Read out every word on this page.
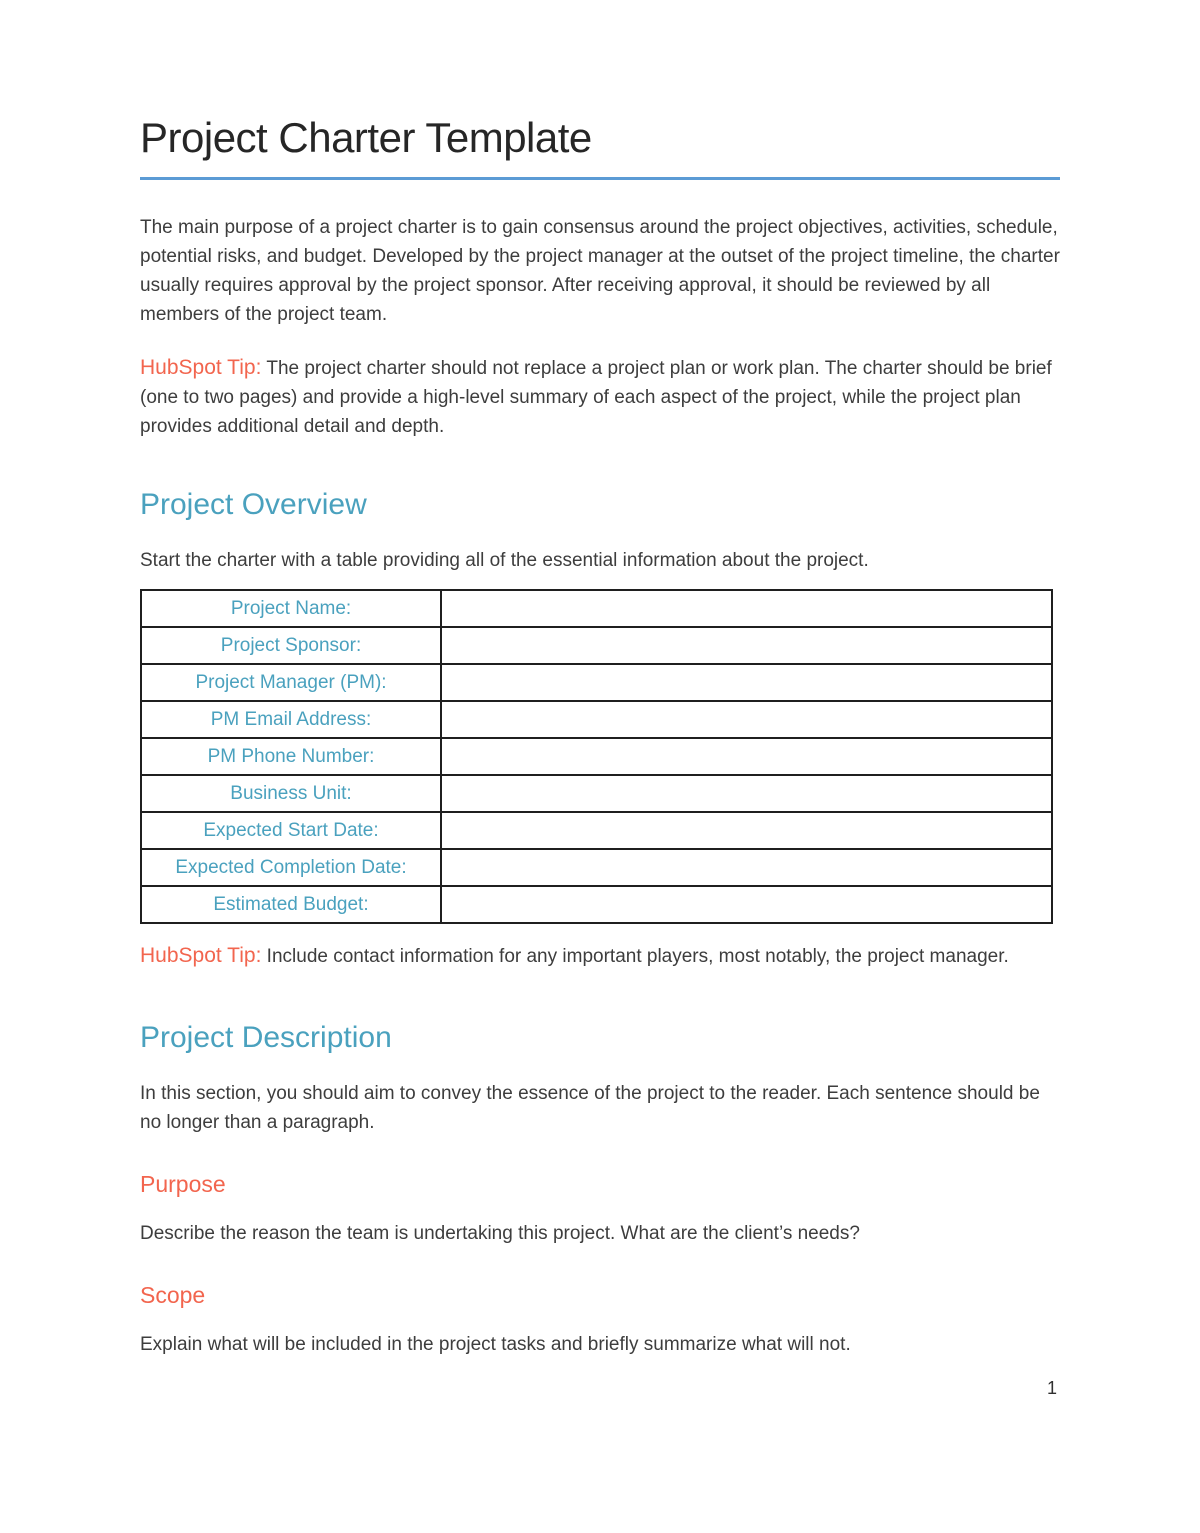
Project Charter Template

The main purpose of a project charter is to gain consensus around the project objectives, activities, schedule, potential risks, and budget. Developed by the project manager at the outset of the project timeline, the charter usually requires approval by the project sponsor. After receiving approval, it should be reviewed by all members of the project team.

HubSpot Tip: The project charter should not replace a project plan or work plan. The charter should be brief (one to two pages) and provide a high-level summary of each aspect of the project, while the project plan provides additional detail and depth.

Project Overview

Start the charter with a table providing all of the essential information about the project.

Project Name:	
Project Sponsor:	
Project Manager (PM):	
PM Email Address:	
PM Phone Number:	
Business Unit:	
Expected Start Date:	
Expected Completion Date:	
Estimated Budget:	

HubSpot Tip: Include contact information for any important players, most notably, the project manager.

Project Description

In this section, you should aim to convey the essence of the project to the reader. Each sentence should be no longer than a paragraph.

Purpose

Describe the reason the team is undertaking this project. What are the client’s needs?

Scope

Explain what will be included in the project tasks and briefly summarize what will not.

1
